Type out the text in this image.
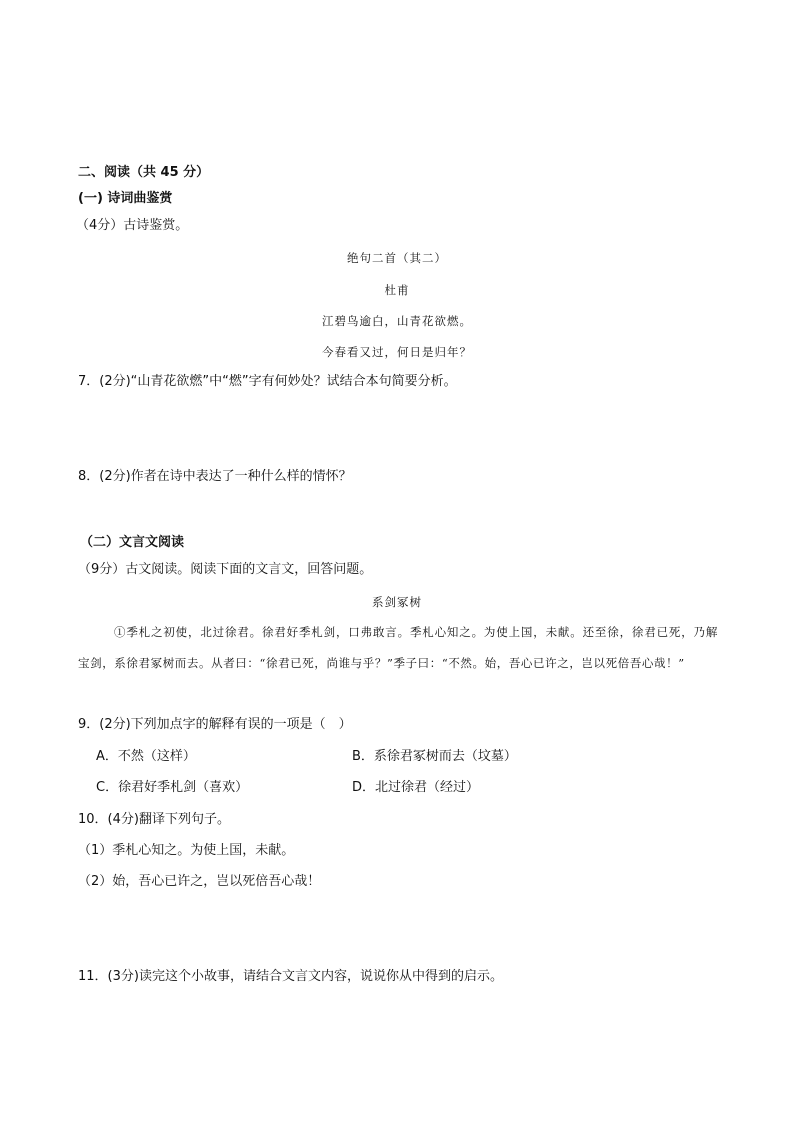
二、阅读（共 45 分）
(一) 诗词曲鉴赏
（4分）古诗鉴赏。
绝句二首（其二）
杜甫
江碧鸟逾白，山青花欲燃。
今春看又过，何日是归年？
7．(2分)“山青花欲燃”中“燃”字有何妙处？试结合本句简要分析。
8．(2分)作者在诗中表达了一种什么样的情怀？
（二）文言文阅读
（9分）古文阅读。阅读下面的文言文，回答问题。
系剑冢树
①季札之初使，北过徐君。徐君好季札剑，口弗敢言。季札心知之。为使上国，未献。还至徐，徐君已死，乃解宝剑，系徐君冢树而去。从者曰：“徐君已死，尚谁与乎？”季子曰：“不然。始，吾心已许之，岂以死倍吾心哉！”
9．(2分)下列加点字的解释有误的一项是（　）
A．不然（这样）	B．系徐君冢树而去（坟墓）
C．徐君好季札剑（喜欢）	D．北过徐君（经过）
10．(4分)翻译下列句子。
（1）季札心知之。为使上国，未献。
（2）始，吾心已许之，岂以死倍吾心哉！
11．(3分)读完这个小故事，请结合文言文内容，说说你从中得到的启示。
